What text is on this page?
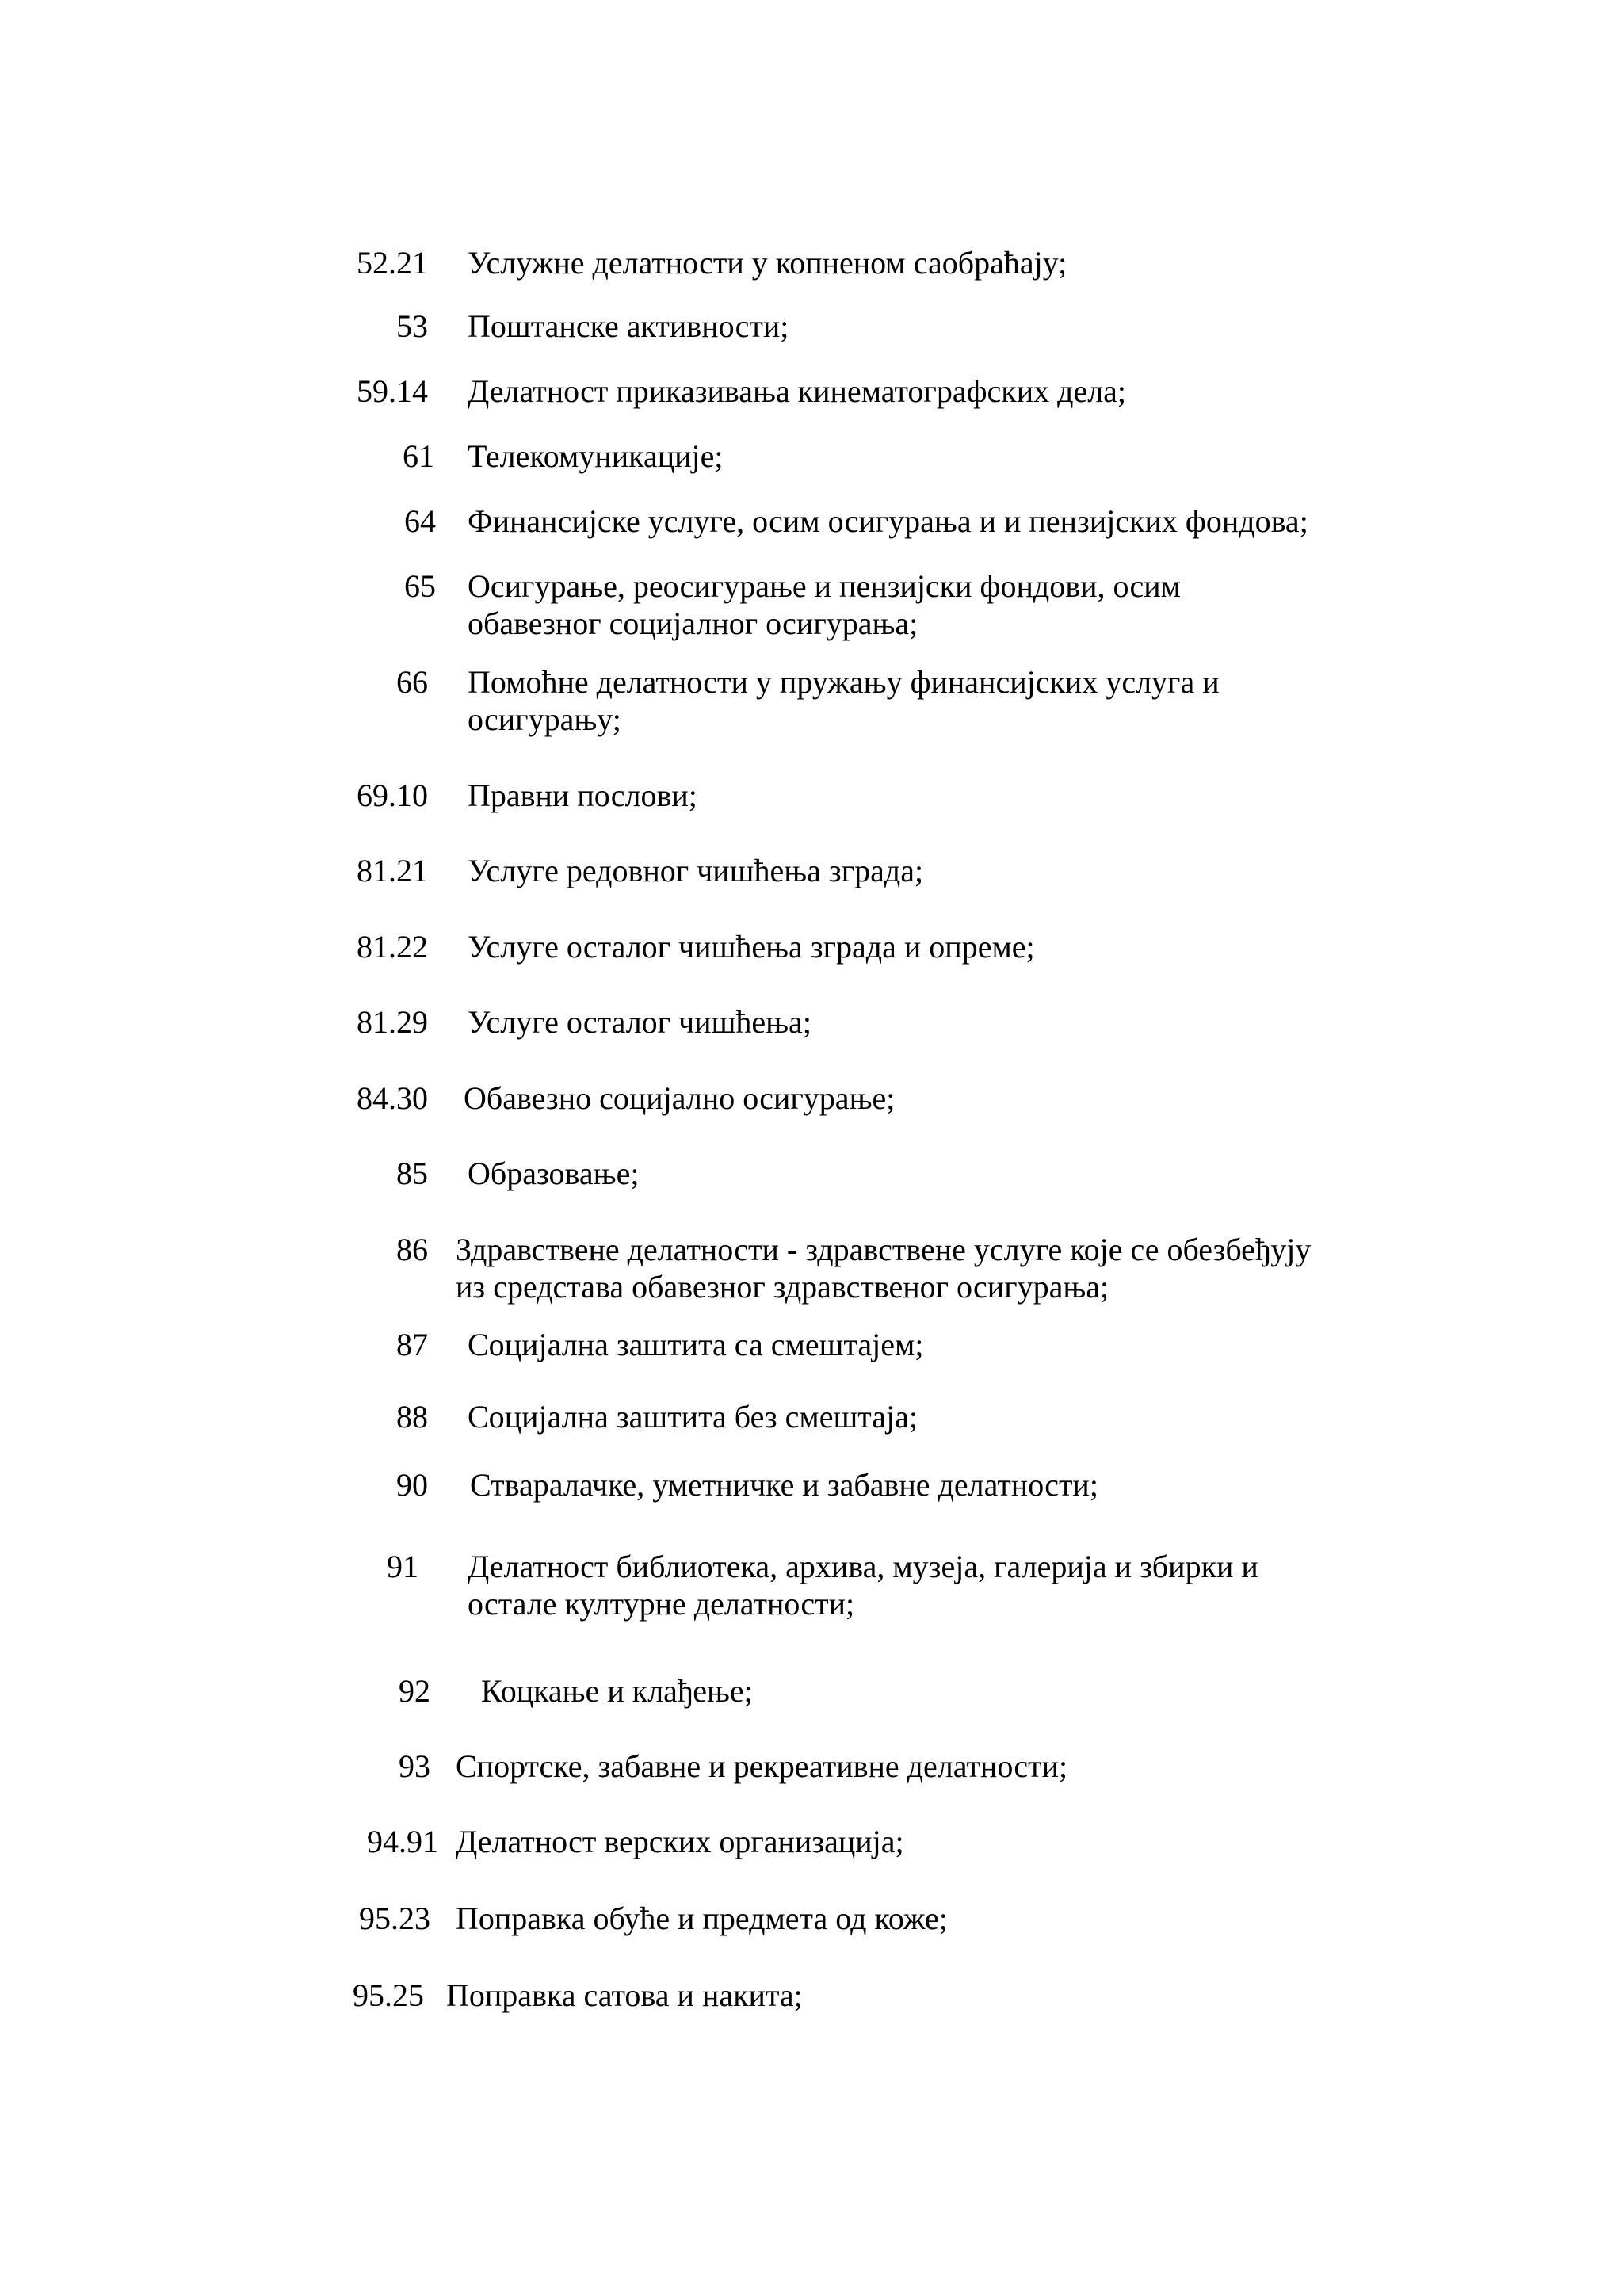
52.21 Услужне делатности у копненом саобраћају;
53 Поштанске активности;
59.14 Делатност приказивања кинематографских дела;
61 Телекомуникације;
64 Финансијске услуге, осим осигурања и и пензијских фондова;
65 Осигурање, реосигурање и пензијски фондови, осим
обавезног социјалног осигурања;
66 Помоћне делатности у пружању финансијских услуга и
осигурању;
69.10 Правни послови;
81.21 Услуге редовног чишћења зграда;
81.22 Услуге осталог чишћења зграда и опреме;
81.29 Услуге осталог чишћења;
84.30 Обавезно социјално осигурање;
85 Образовање;
86 Здравствене делатности - здравствене услуге које се обезбеђују
из средстава обавезног здравственог осигурања;
87 Социјална заштита са смештајем;
88 Социјална заштита без смештаја;
90 Стваралачке, уметничке и забавне делатности;
91 Делатност библиотека, архива, музеја, галерија и збирки и
остале културне делатности;
92 Коцкање и клађење;
93 Спортске, забавне и рекреативне делатности;
94.91 Делатност верских организација;
95.23 Поправка обуће и предмета од коже;
95.25 Поправка сатова и накита;
